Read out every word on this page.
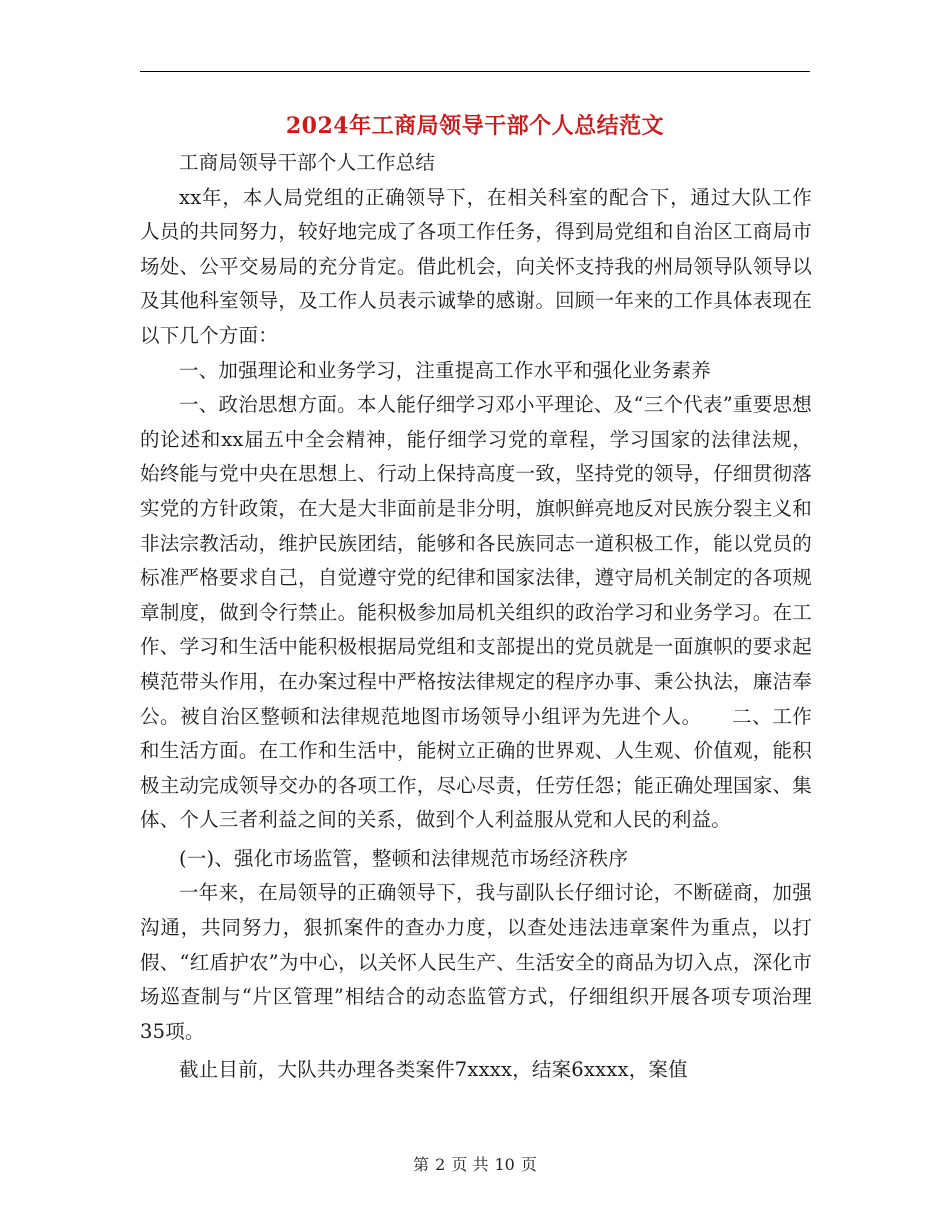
2024年工商局领导干部个人总结范文

工商局领导干部个人工作总结

xx年，本人局党组的正确领导下，在相关科室的配合下，通过大队工作人员的共同努力，较好地完成了各项工作任务，得到局党组和自治区工商局市场处、公平交易局的充分肯定。借此机会，向关怀支持我的州局领导队领导以及其他科室领导，及工作人员表示诚挚的感谢。回顾一年来的工作具体表现在以下几个方面：

一、加强理论和业务学习，注重提高工作水平和强化业务素养

一、政治思想方面。本人能仔细学习邓小平理论、及“三个代表”重要思想的论述和xx届五中全会精神，能仔细学习党的章程，学习国家的法律法规，始终能与党中央在思想上、行动上保持高度一致，坚持党的领导，仔细贯彻落实党的方针政策，在大是大非面前是非分明，旗帜鲜亮地反对民族分裂主义和非法宗教活动，维护民族团结，能够和各民族同志一道积极工作，能以党员的标准严格要求自己，自觉遵守党的纪律和国家法律，遵守局机关制定的各项规章制度，做到令行禁止。能积极参加局机关组织的政治学习和业务学习。在工作、学习和生活中能积极根据局党组和支部提出的党员就是一面旗帜的要求起模范带头作用，在办案过程中严格按法律规定的程序办事、秉公执法，廉洁奉公。被自治区整顿和法律规范地图市场领导小组评为先进个人。　　二、工作和生活方面。在工作和生活中，能树立正确的世界观、人生观、价值观，能积极主动完成领导交办的各项工作，尽心尽责，任劳任怨；能正确处理国家、集体、个人三者利益之间的关系，做到个人利益服从党和人民的利益。

(一)、强化市场监管，整顿和法律规范市场经济秩序

一年来，在局领导的正确领导下，我与副队长仔细讨论，不断磋商，加强沟通，共同努力，狠抓案件的查办力度，以查处违法违章案件为重点，以打假、“红盾护农”为中心，以关怀人民生产、生活安全的商品为切入点，深化市场巡查制与“片区管理”相结合的动态监管方式，仔细组织开展各项专项治理35项。

截止目前，大队共办理各类案件7xxxx，结案6xxxx，案值

第 2 页 共 10 页
